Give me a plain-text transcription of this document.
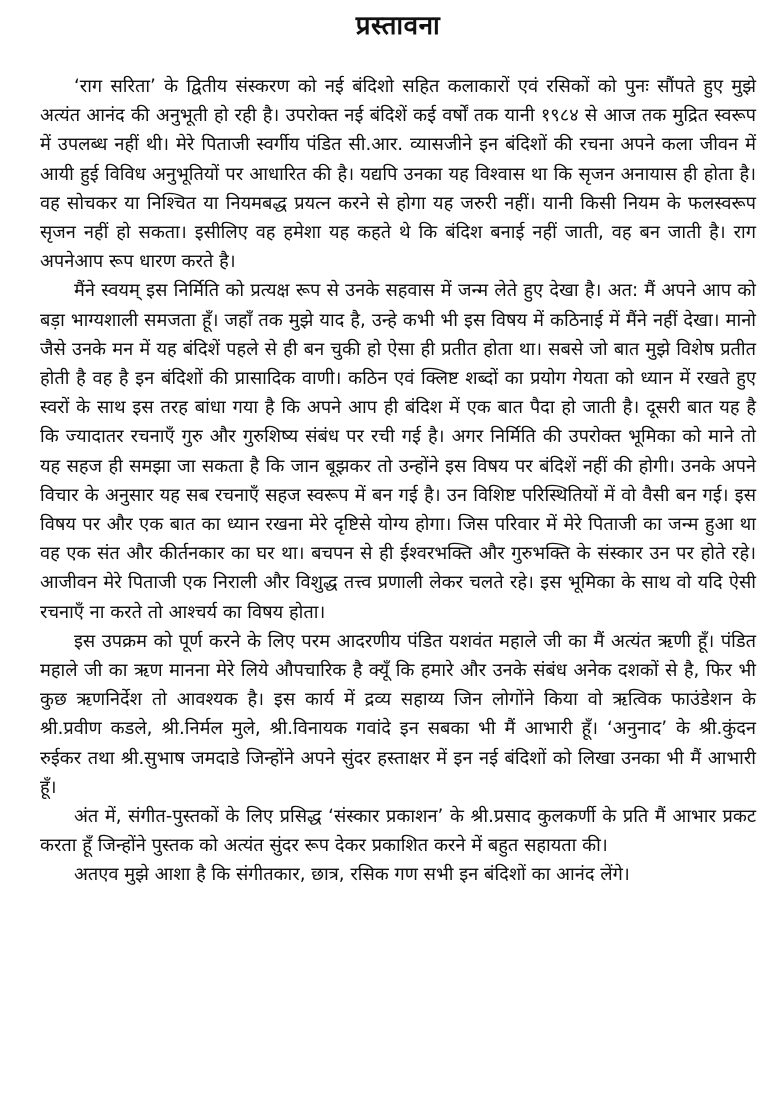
प्रस्तावना

‘राग सरिता’ के द्वितीय संस्करण को नई बंदिशो सहित कलाकारों एवं रसिकों को पुनः सौंपते हुए मुझे अत्यंत आनंद की अनुभूती हो रही है। उपरोक्त नई बंदिशें कई वर्षों तक यानी १९८४ से आज तक मुद्रित स्वरूप में उपलब्ध नहीं थी। मेरे पिताजी स्वर्गीय पंडित सी.आर. व्यासजीने इन बंदिशों की रचना अपने कला जीवन में आयी हुई विविध अनुभूतियों पर आधारित की है। यद्यपि उनका यह विश्वास था कि सृजन अनायास ही होता है। वह सोचकर या निश्चित या नियमबद्ध प्रयत्न करने से होगा यह जरुरी नहीं। यानी किसी नियम के फलस्वरूप सृजन नहीं हो सकता। इसीलिए वह हमेशा यह कहते थे कि बंदिश बनाई नहीं जाती, वह बन जाती है। राग अपनेआप रूप धारण करते है।

मैंने स्वयम् इस निर्मिति को प्रत्यक्ष रूप से उनके सहवास में जन्म लेते हुए देखा है। अत: मैं अपने आप को बड़ा भाग्यशाली समजता हूँ। जहाँ तक मुझे याद है, उन्हे कभी भी इस विषय में कठिनाई में मैंने नहीं देखा। मानो जैसे उनके मन में यह बंदिशें पहले से ही बन चुकी हो ऐसा ही प्रतीत होता था। सबसे जो बात मुझे विशेष प्रतीत होती है वह है इन बंदिशों की प्रासादिक वाणी। कठिन एवं क्लिष्ट शब्दों का प्रयोग गेयता को ध्यान में रखते हुए स्वरों के साथ इस तरह बांधा गया है कि अपने आप ही बंदिश में एक बात पैदा हो जाती है। दूसरी बात यह है कि ज्यादातर रचनाएँ गुरु और गुरुशिष्य संबंध पर रची गई है। अगर निर्मिति की उपरोक्त भूमिका को माने तो यह सहज ही समझा जा सकता है कि जान बूझकर तो उन्होंने इस विषय पर बंदिशें नहीं की होगी। उनके अपने विचार के अनुसार यह सब रचनाएँ सहज स्वरूप में बन गई है। उन विशिष्ट परिस्थितियों में वो वैसी बन गई। इस विषय पर और एक बात का ध्यान रखना मेरे दृष्टिसे योग्य होगा। जिस परिवार में मेरे पिताजी का जन्म हुआ था वह एक संत और कीर्तनकार का घर था। बचपन से ही ईश्वरभक्ति और गुरुभक्ति के संस्कार उन पर होते रहे। आजीवन मेरे पिताजी एक निराली और विशुद्ध तत्त्व प्रणाली लेकर चलते रहे। इस भूमिका के साथ वो यदि ऐसी रचनाएँ ना करते तो आश्चर्य का विषय होता।

इस उपक्रम को पूर्ण करने के लिए परम आदरणीय पंडित यशवंत महाले जी का मैं अत्यंत ऋणी हूँ। पंडित महाले जी का ऋण मानना मेरे लिये औपचारिक है क्यूँ कि हमारे और उनके संबंध अनेक दशकों से है, फिर भी कुछ ऋणनिर्देश तो आवश्यक है। इस कार्य में द्रव्य सहाय्य जिन लोगोंने किया वो ऋत्विक फाउंडेशन के श्री.प्रवीण कडले, श्री.निर्मल मुले, श्री.विनायक गवांदे इन सबका भी मैं आभारी हूँ। ‘अनुनाद’ के श्री.कुंदन रुईकर तथा श्री.सुभाष जमदाडे जिन्होंने अपने सुंदर हस्ताक्षर में इन नई बंदिशों को लिखा उनका भी मैं आभारी हूँ।

अंत में, संगीत-पुस्तकों के लिए प्रसिद्ध ‘संस्कार प्रकाशन’ के श्री.प्रसाद कुलकर्णी के प्रति मैं आभार प्रकट करता हूँ जिन्होंने पुस्तक को अत्यंत सुंदर रूप देकर प्रकाशित करने में बहुत सहायता की।

अतएव मुझे आशा है कि संगीतकार, छात्र, रसिक गण सभी इन बंदिशों का आनंद लेंगे।
